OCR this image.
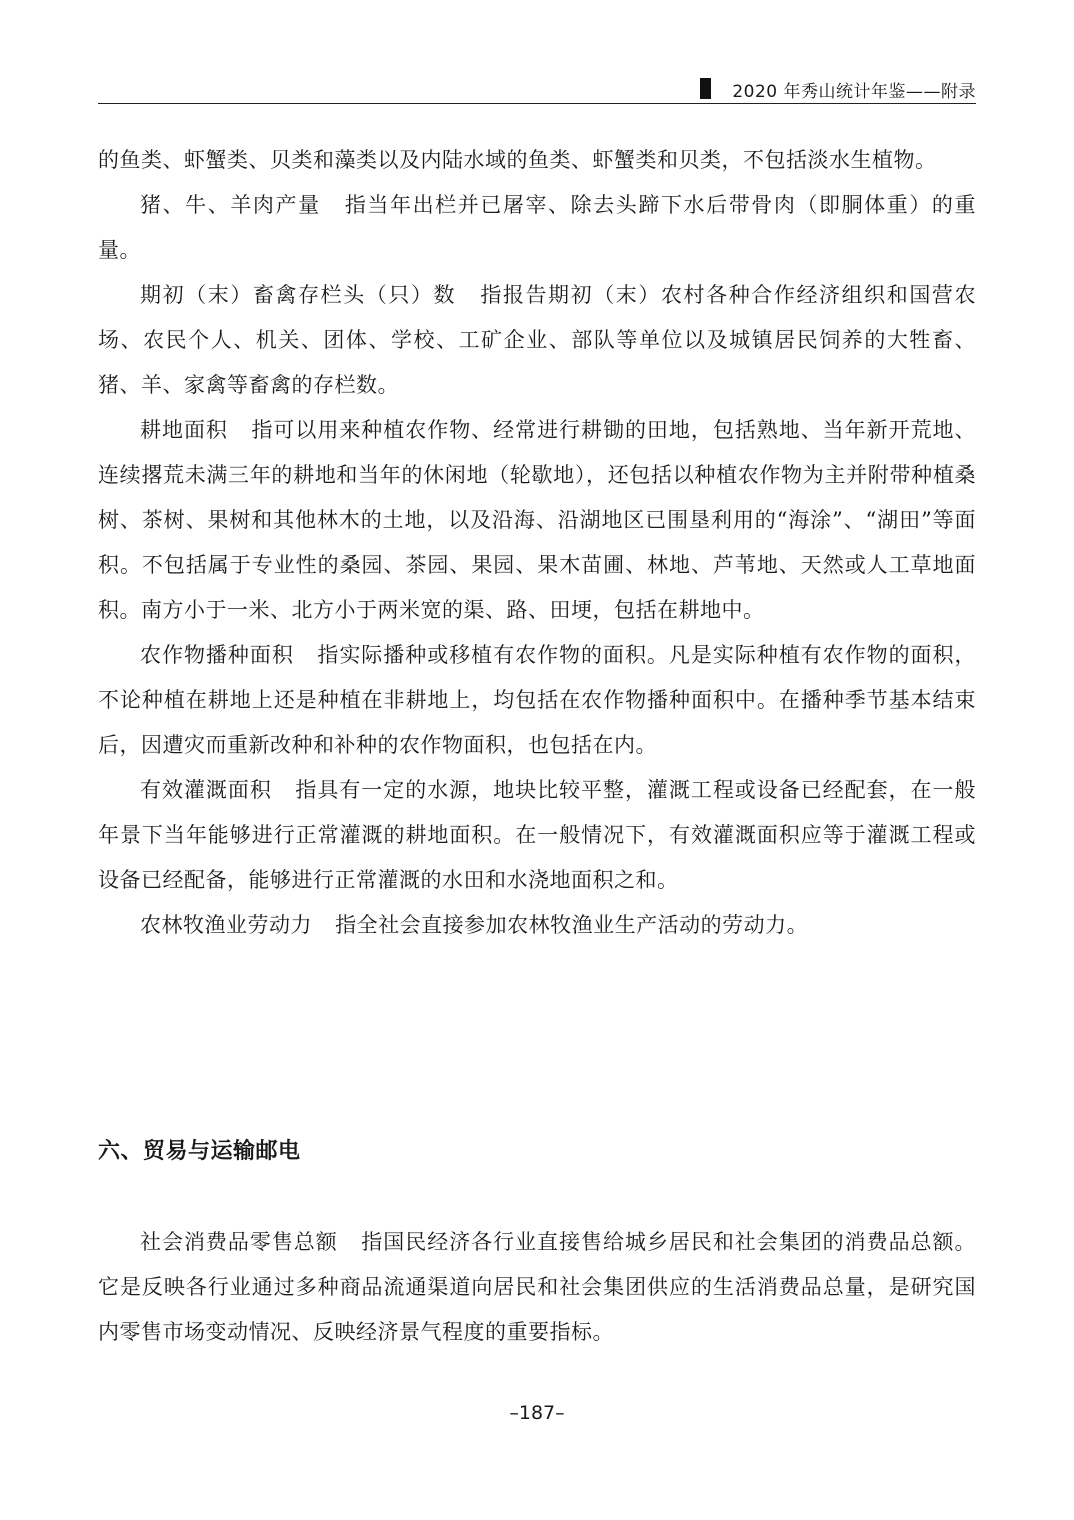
2020 年秀山统计年鉴——附录

的鱼类、虾蟹类、贝类和藻类以及内陆水域的鱼类、虾蟹类和贝类，不包括淡水生植物。

猪、牛、羊肉产量 指当年出栏并已屠宰、除去头蹄下水后带骨肉（即胴体重）的重量。

期初（末）畜禽存栏头（只）数 指报告期初（末）农村各种合作经济组织和国营农场、农民个人、机关、团体、学校、工矿企业、部队等单位以及城镇居民饲养的大牲畜、猪、羊、家禽等畜禽的存栏数。

耕地面积 指可以用来种植农作物、经常进行耕锄的田地，包括熟地、当年新开荒地、连续撂荒未满三年的耕地和当年的休闲地（轮歇地），还包括以种植农作物为主并附带种植桑树、茶树、果树和其他林木的土地，以及沿海、沿湖地区已围垦利用的“海涂”、“湖田”等面积。不包括属于专业性的桑园、茶园、果园、果木苗圃、林地、芦苇地、天然或人工草地面积。南方小于一米、北方小于两米宽的渠、路、田埂，包括在耕地中。

农作物播种面积 指实际播种或移植有农作物的面积。凡是实际种植有农作物的面积，不论种植在耕地上还是种植在非耕地上，均包括在农作物播种面积中。在播种季节基本结束后，因遭灾而重新改种和补种的农作物面积，也包括在内。

有效灌溉面积 指具有一定的水源，地块比较平整，灌溉工程或设备已经配套，在一般年景下当年能够进行正常灌溉的耕地面积。在一般情况下，有效灌溉面积应等于灌溉工程或设备已经配备，能够进行正常灌溉的水田和水浇地面积之和。

农林牧渔业劳动力 指全社会直接参加农林牧渔业生产活动的劳动力。

六、贸易与运输邮电

社会消费品零售总额 指国民经济各行业直接售给城乡居民和社会集团的消费品总额。它是反映各行业通过多种商品流通渠道向居民和社会集团供应的生活消费品总量，是研究国内零售市场变动情况、反映经济景气程度的重要指标。

–187–
